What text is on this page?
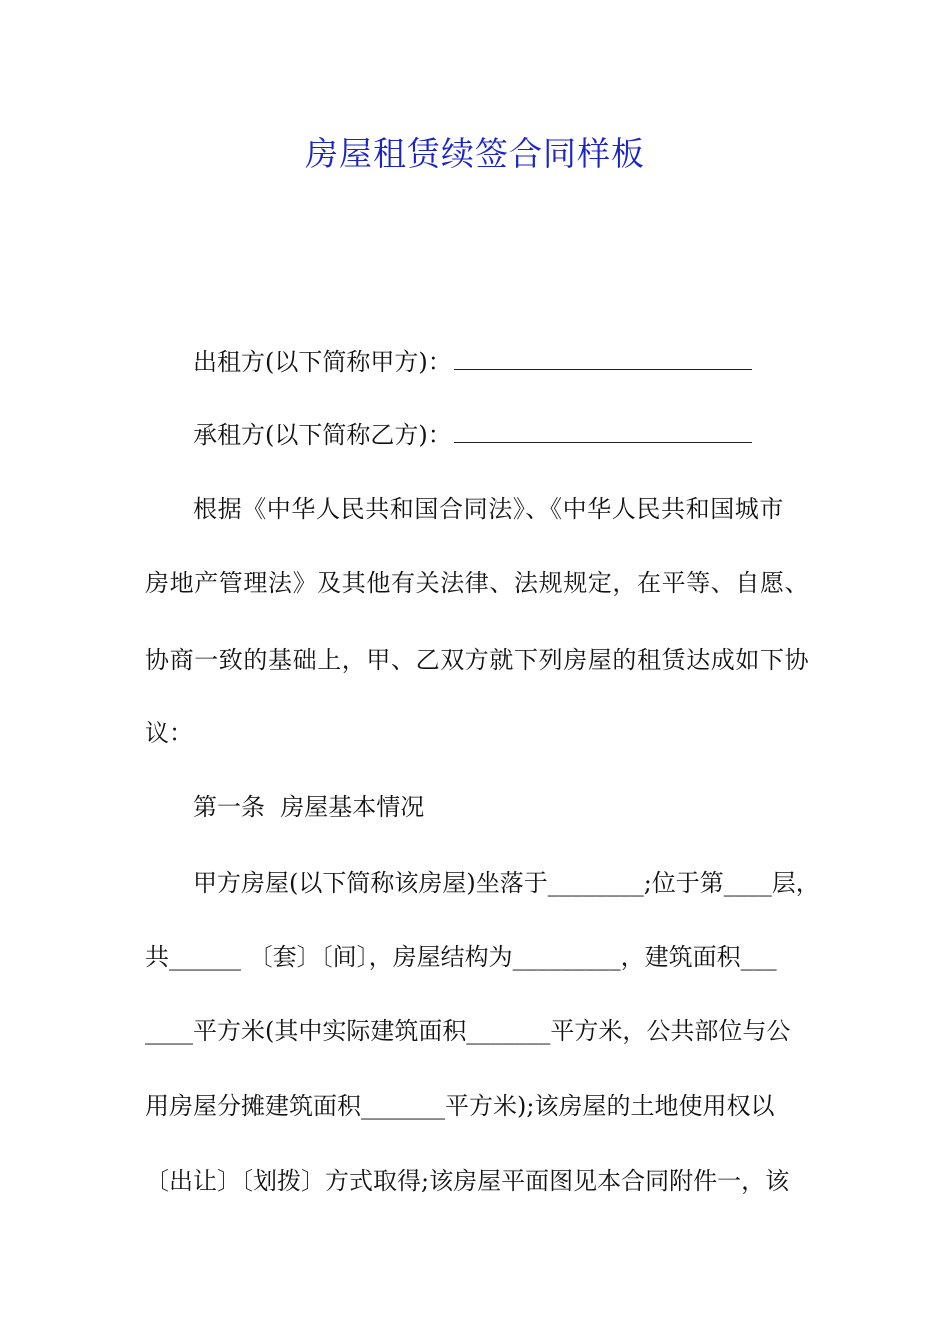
房屋租赁续签合同样板
出租方(以下简称甲方)：
承租方(以下简称乙方)：
根据《中华人民共和国合同法》、《中华人民共和国城市
房地产管理法》及其他有关法律、法规规定，在平等、自愿、
协商一致的基础上，甲、乙双方就下列房屋的租赁达成如下协
议：
第一条  房屋基本情况
甲方房屋(以下简称该房屋)坐落于________;位于第____层，
共______ 〔套〕〔间〕，房屋结构为_________，建筑面积___
____平方米(其中实际建筑面积_______平方米，公共部位与公
用房屋分摊建筑面积_______平方米);该房屋的土地使用权以
〔出让〕〔划拨〕方式取得;该房屋平面图见本合同附件一，该
